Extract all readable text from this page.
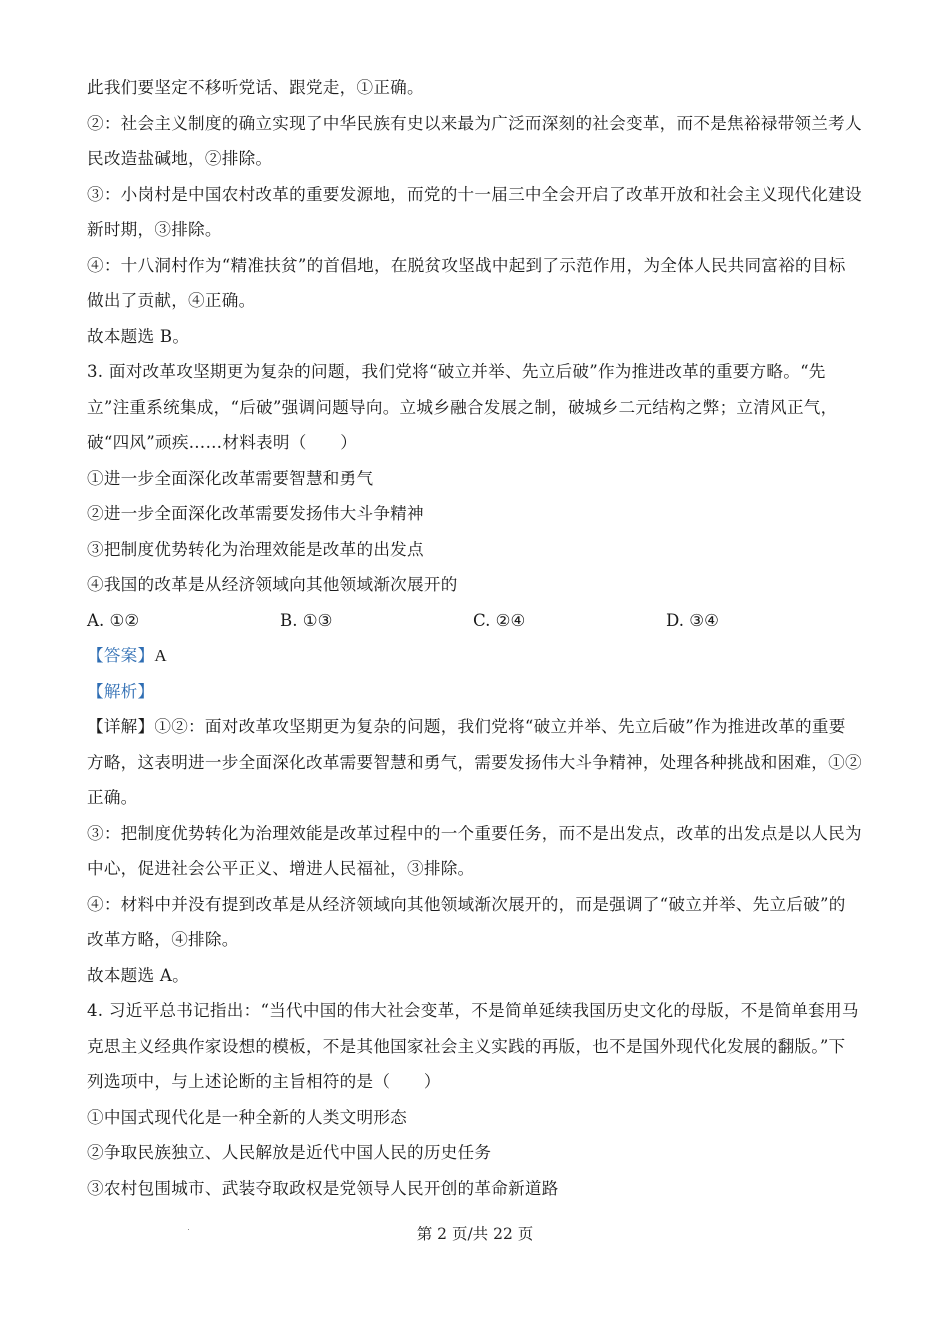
此我们要坚定不移听党话、跟党走，①正确。
②：社会主义制度的确立实现了中华民族有史以来最为广泛而深刻的社会变革，而不是焦裕禄带领兰考人
民改造盐碱地，②排除。
③：小岗村是中国农村改革的重要发源地，而党的十一届三中全会开启了改革开放和社会主义现代化建设
新时期，③排除。
④：十八洞村作为“精准扶贫”的首倡地，在脱贫攻坚战中起到了示范作用，为全体人民共同富裕的目标
做出了贡献，④正确。
故本题选 B。
3. 面对改革攻坚期更为复杂的问题，我们党将“破立并举、先立后破”作为推进改革的重要方略。“先
立”注重系统集成，“后破”强调问题导向。立城乡融合发展之制，破城乡二元结构之弊；立清风正气，
破“四风”顽疾……材料表明（　　）
①进一步全面深化改革需要智慧和勇气
②进一步全面深化改革需要发扬伟大斗争精神
③把制度优势转化为治理效能是改革的出发点
④我国的改革是从经济领域向其他领域渐次展开的
A. ①②	B. ①③	C. ②④	D. ③④
【答案】A
【解析】
【详解】①②：面对改革攻坚期更为复杂的问题，我们党将“破立并举、先立后破”作为推进改革的重要
方略，这表明进一步全面深化改革需要智慧和勇气，需要发扬伟大斗争精神，处理各种挑战和困难，①②
正确。
③：把制度优势转化为治理效能是改革过程中的一个重要任务，而不是出发点，改革的出发点是以人民为
中心，促进社会公平正义、增进人民福祉，③排除。
④：材料中并没有提到改革是从经济领域向其他领域渐次展开的，而是强调了“破立并举、先立后破”的
改革方略，④排除。
故本题选 A。
4. 习近平总书记指出：“当代中国的伟大社会变革，不是简单延续我国历史文化的母版，不是简单套用马
克思主义经典作家设想的模板，不是其他国家社会主义实践的再版，也不是国外现代化发展的翻版。”下
列选项中，与上述论断的主旨相符的是（　　）
①中国式现代化是一种全新的人类文明形态
②争取民族独立、人民解放是近代中国人民的历史任务
③农村包围城市、武装夺取政权是党领导人民开创的革命新道路
第 2 页/共 22 页
